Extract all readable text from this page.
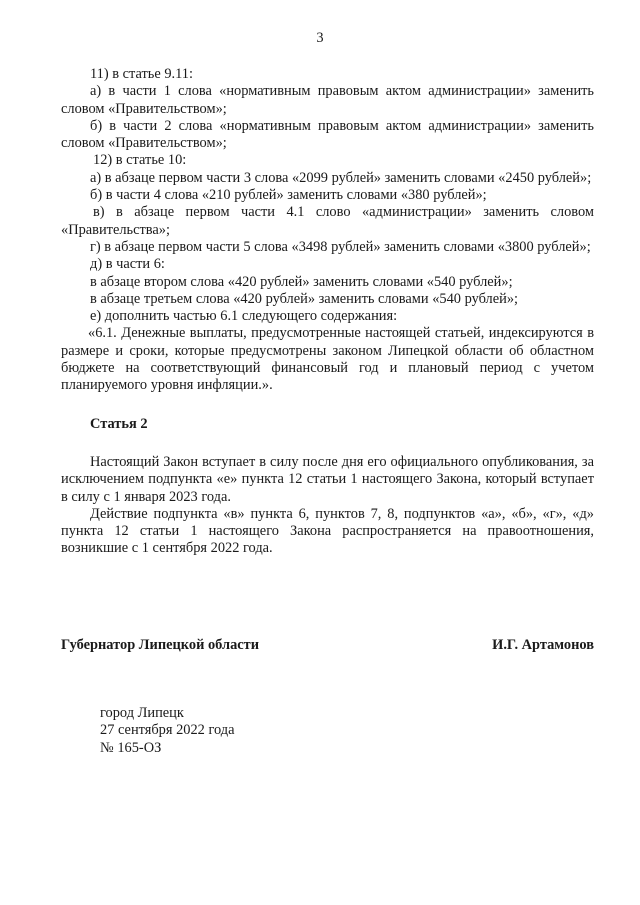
3

11) в статье 9.11:

а) в части 1 слова «нормативным правовым актом администрации» заменить словом «Правительством»;

б) в части 2 слова «нормативным правовым актом администрации» заменить словом «Правительством»;

12) в статье 10:

а) в абзаце первом части 3 слова «2099 рублей» заменить словами «2450 рублей»;

б) в части 4 слова «210 рублей» заменить словами «380 рублей»;

в) в абзаце первом части 4.1 слово «администрации» заменить словом «Правительства»;

г) в абзаце первом части 5 слова «3498 рублей» заменить словами «3800 рублей»;

д) в части 6:

в абзаце втором слова «420 рублей» заменить словами «540 рублей»;

в абзаце третьем слова «420 рублей» заменить словами «540 рублей»;

е) дополнить частью 6.1 следующего содержания:

«6.1. Денежные выплаты, предусмотренные настоящей статьей, индексируются в размере и сроки, которые предусмотрены законом Липецкой области об областном бюджете на соответствующий финансовый год и плановый период с учетом планируемого уровня инфляции.».

Статья 2

Настоящий Закон вступает в силу после дня его официального опубликования, за исключением подпункта «е» пункта 12 статьи 1 настоящего Закона, который вступает в силу с 1 января 2023 года.

Действие подпункта «в» пункта 6, пунктов 7, 8, подпунктов «а», «б», «г», «д» пункта 12 статьи 1 настоящего Закона распространяется на правоотношения, возникшие с 1 сентября 2022 года.

Губернатор Липецкой области	И.Г. Артамонов
город Липецк
27 сентября 2022 года
№ 165-ОЗ
